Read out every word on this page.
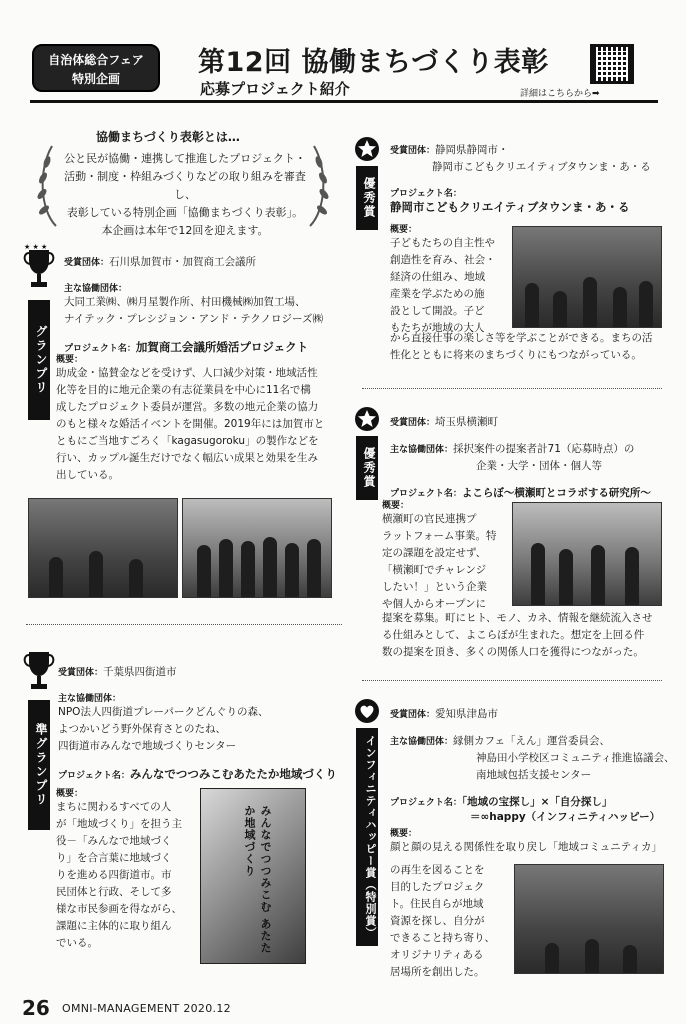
自治体総合フェア
特別企画
第12回 協働まちづくり表彰
応募プロジェクト紹介	詳細はこちらから➡
協働まちづくり表彰とは…
公と民が協働・連携して推進したプロジェクト・
活動・制度・枠組みづくりなどの取り組みを審査し、
表彰している特別企画「協働まちづくり表彰」。
本企画は本年で12回を迎えます。
★ ★ ★
グランプリ
受賞団体：石川県加賀市・加賀商工会議所
主な協働団体：
大同工業㈱、㈱月星製作所、村田機械㈱加賀工場、
ナイテック・プレシジョン・アンド・テクノロジーズ㈱
プロジェクト名：加賀商工会議所婚活プロジェクト
概要：
助成金・協賛金などを受けず、人口減少対策・地域活性
化等を目的に地元企業の有志従業員を中心に11名で構
成したプロジェクト委員が運営。多数の地元企業の協力
のもと様々な婚活イベントを開催。2019年には加賀市と
ともにご当地すごろく「kagasugoroku」の製作などを
行い、カップル誕生だけでなく幅広い成果と効果を生み
出している。
準グランプリ
受賞団体：千葉県四街道市
主な協働団体：
NPO法人四街道プレーパークどんぐりの森、
よつかいどう野外保育さとのたね、
四街道市みんなで地域づくりセンター
プロジェクト名：みんなでつつみこむあたたか地域づくり
概要：
まちに関わるすべての人
が「地域づくり」を担う主
役－「みんなで地域づく
り」を合言葉に地域づく
りを進める四街道市。市
民団体と行政、そして多
様な市民参画を得ながら、
課題に主体的に取り組ん
でいる。	みんなでつつみこむ あたたか地域づくり
優秀賞
受賞団体：静岡県静岡市・
静岡市こどもクリエイティブタウンま・あ・る
プロジェクト名：
静岡市こどもクリエイティブタウンま・あ・る
概要：
子どもたちの自主性や
創造性を育み、社会・
経済の仕組み、地域
産業を学ぶための施
設として開設。子ど
もたちが地域の大人
から直接仕事の楽しさ等を学ぶことができる。まちの活
性化とともに将来のまちづくりにもつながっている。
優秀賞
受賞団体：埼玉県横瀬町
主な協働団体：採択案件の提案者計71（応募時点）の
企業・大学・団体・個人等
プロジェクト名：よこらぼ～横瀬町とコラボする研究所～
概要：
横瀬町の官民連携プ
ラットフォーム事業。特
定の課題を設定せず、
「横瀬町でチャレンジ
したい！」という企業
や個人からオープンに
提案を募集。町にヒト、モノ、カネ、情報を継続流入させ
る仕組みとして、よこらぼが生まれた。想定を上回る件
数の提案を頂き、多くの関係人口を獲得につながった。
インフィニティハッピー賞（特別賞）
受賞団体：愛知県津島市
主な協働団体：縁側カフェ「えん」運営委員会、
神島田小学校区コミュニティ推進協議会、
南地域包括支援センター
プロジェクト名：「地域の宝探し」×「自分探し」
＝∞happy（インフィニティハッピー）
概要：
顔と顔の見える関係性を取り戻し「地域コミュニティカ」
の再生を図ることを
目的したプロジェク
ト。住民自らが地域
資源を探し、自分が
できること持ち寄り、
オリジナリティある
居場所を創出した。
26 OMNI-MANAGEMENT 2020.12
